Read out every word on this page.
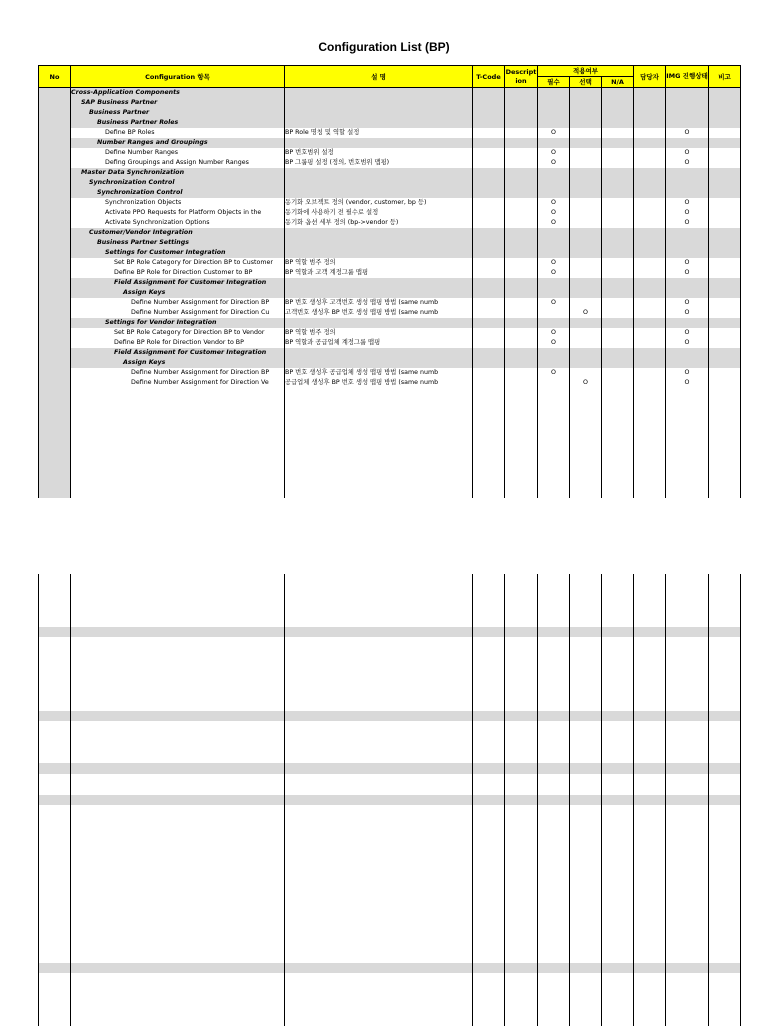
Configuration List (BP)
No	Configuration 항목	설 명	T-Code	Description	적용여부			담당자	IMG 진행상태	비고
					필수	선택	N/A			
	Cross-Application Components									
	SAP Business Partner									
	Business Partner									
	Business Partner Roles									
	Define BP Roles	BP Role 명칭 및 역할 설정			O				O	
	Number Ranges and Groupings									
	Define Number Ranges	BP 번호범위 설정			O				O	
	Defing Groupings and Assign Number Ranges	BP 그룹핑 설정 (정의, 번호범위 맵핑)			O				O	
	Master Data Synchronization									
	Synchronization Control									
	Synchronization Control									
	Synchronization Objects	동기화 오브젝트 정의 (vendor, customer, bp 등)			O				O	
	Activate PPO Requests for Platform Objects in the	동기화에 사용하기 전 필수로 설정			O				O	
	Activate Synchronization Options	동기화 옵션 세부 정의 (bp->vendor 등)			O				O	
	Customer/Vendor Integration									
	Business Partner Settings									
	Settings for Customer Integration									
	Set BP Role Category for Direction BP to Customer	BP 역할 범주 정의			O				O	
	Define BP Role for Direction Customer to BP	BP 역할과 고객 계정그룹 맵핑			O				O	
	Field Assignment for Customer Integration									
	Assign Keys									
	Define Number Assignment for Direction BP	BP 번호 생성후 고객번호 생성 맵핑 방법 (same numb			O				O	
	Define Number Assignment for Direction Cu	고객번호 생성후 BP 번호 생성 맵핑 방법 (same numb				O			O	
	Settings for Vendor Integration									
	Set BP Role Category for Direction BP to Vendor	BP 역할 범주 정의			O				O	
	Define BP Role for Direction Vendor to BP	BP 역할과 공급업체 계정그룹 맵핑			O				O	
	Field Assignment for Customer Integration									
	Assign Keys									
	Define Number Assignment for Direction BP	BP 번호 생성후 공급업체 생성 맵핑 방법 (same numb			O				O	
	Define Number Assignment for Direction Ve	공급업체 생성후 BP 번호 생성 맵핑 방법 (same numb				O			O	
